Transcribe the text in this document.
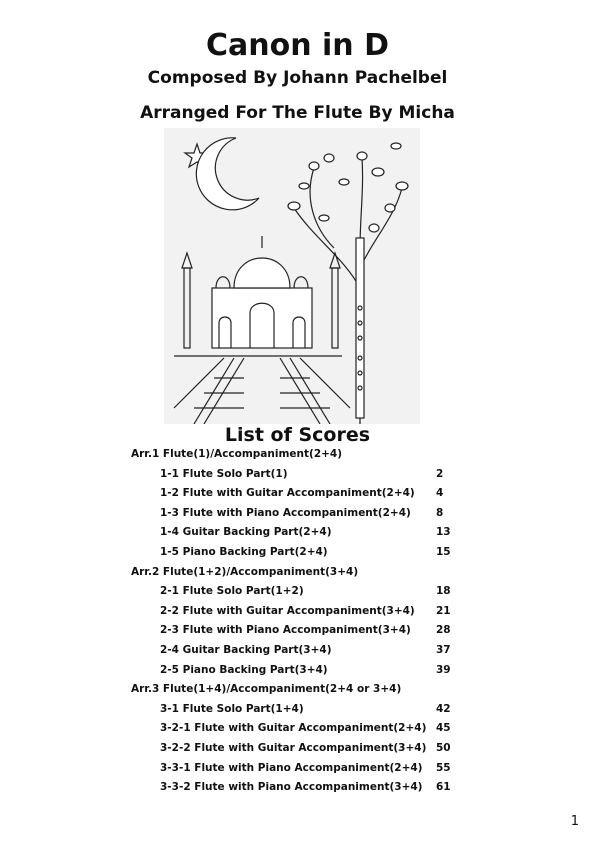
Canon in D
Composed By Johann Pachelbel
Arranged For The Flute By Micha
List of Scores
Arr.1 Flute(1)/Accompaniment(2+4)
1-1 Flute Solo Part(1)	2
1-2 Flute with Guitar Accompaniment(2+4) 4
1-3 Flute with Piano Accompaniment(2+4) 8
1-4 Guitar Backing Part(2+4)	13
1-5 Piano Backing Part(2+4)	15
Arr.2 Flute(1+2)/Accompaniment(3+4)
2-1 Flute Solo Part(1+2)	18
2-2 Flute with Guitar Accompaniment(3+4) 21
2-3 Flute with Piano Accompaniment(3+4) 28
2-4 Guitar Backing Part(3+4)	37
2-5 Piano Backing Part(3+4)	39
Arr.3 Flute(1+4)/Accompaniment(2+4 or 3+4)
3-1 Flute Solo Part(1+4)	42
3-2-1 Flute with Guitar Accompaniment(2+4) 45
3-2-2 Flute with Guitar Accompaniment(3+4) 50
3-3-1 Flute with Piano Accompaniment(2+4) 55
3-3-2 Flute with Piano Accompaniment(3+4) 61
1
